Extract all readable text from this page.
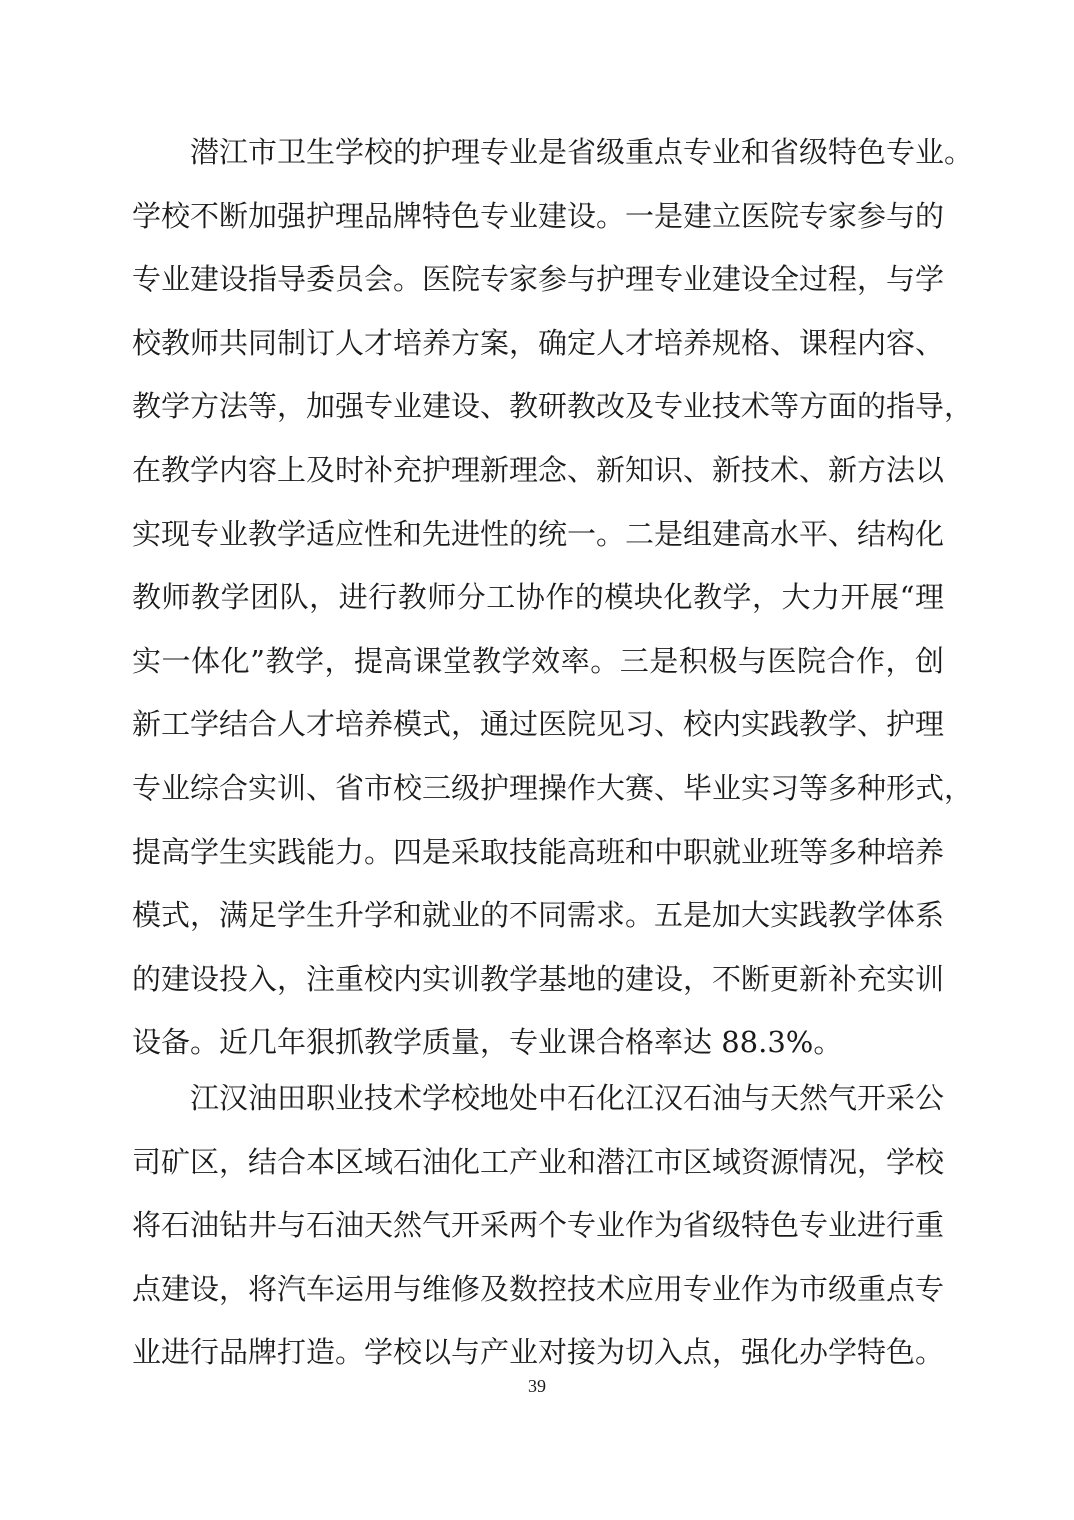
潜江市卫生学校的护理专业是省级重点专业和省级特色专业。
学校不断加强护理品牌特色专业建设。一是建立医院专家参与的
专业建设指导委员会。医院专家参与护理专业建设全过程，与学
校教师共同制订人才培养方案，确定人才培养规格、课程内容、
教学方法等，加强专业建设、教研教改及专业技术等方面的指导，
在教学内容上及时补充护理新理念、新知识、新技术、新方法以
实现专业教学适应性和先进性的统一。二是组建高水平、结构化
教师教学团队，进行教师分工协作的模块化教学，大力开展“理
实一体化”教学，提高课堂教学效率。三是积极与医院合作，创
新工学结合人才培养模式，通过医院见习、校内实践教学、护理
专业综合实训、省市校三级护理操作大赛、毕业实习等多种形式，
提高学生实践能力。四是采取技能高班和中职就业班等多种培养
模式，满足学生升学和就业的不同需求。五是加大实践教学体系
的建设投入，注重校内实训教学基地的建设，不断更新补充实训
设备。近几年狠抓教学质量，专业课合格率达 88.3%。
江汉油田职业技术学校地处中石化江汉石油与天然气开采公
司矿区，结合本区域石油化工产业和潜江市区域资源情况，学校
将石油钻井与石油天然气开采两个专业作为省级特色专业进行重
点建设，将汽车运用与维修及数控技术应用专业作为市级重点专
业进行品牌打造。学校以与产业对接为切入点，强化办学特色。
39
